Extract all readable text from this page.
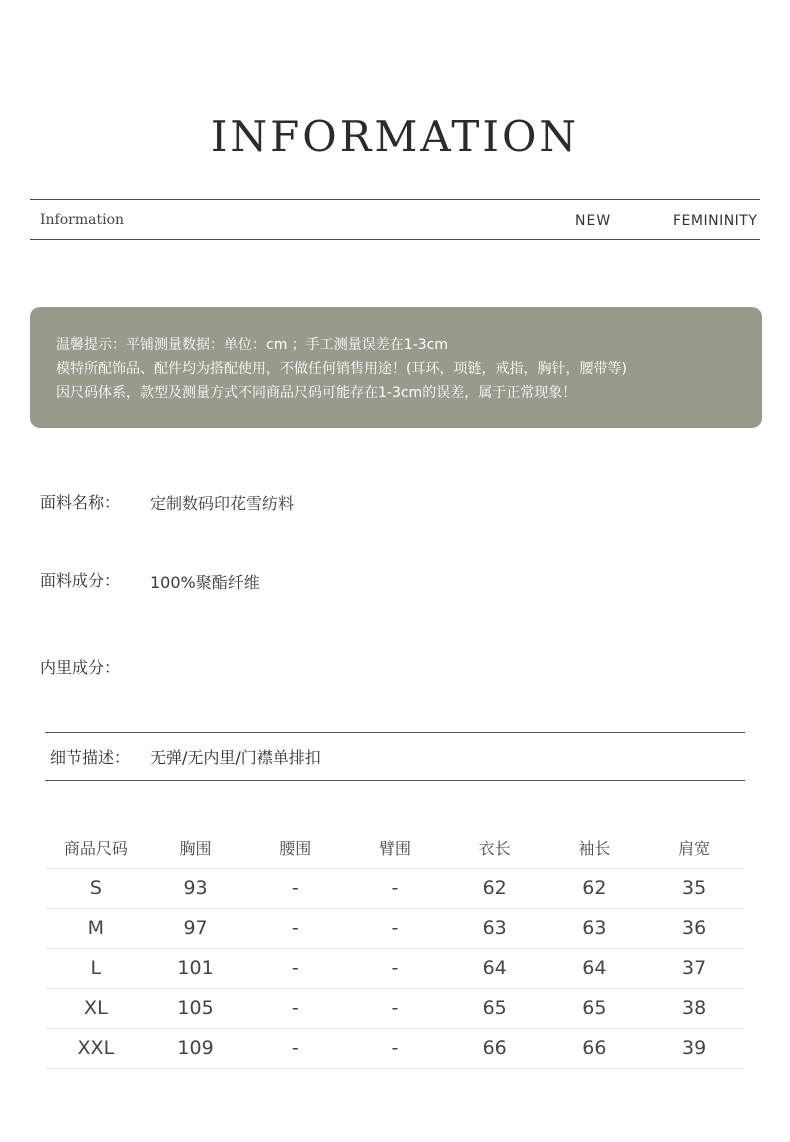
INFORMATION
Information	NEW	FEMININITY
温馨提示：平铺测量数据：单位：cm ；手工测量误差在1-3cm
模特所配饰品、配件均为搭配使用，不做任何销售用途！(耳环，项链，戒指，胸针，腰带等)
因尺码体系，款型及测量方式不同商品尺码可能存在1-3cm的误差，属于正常现象！
面料名称： 定制数码印花雪纺料
面料成分： 100%聚酯纤维
内里成分：
细节描述： 无弹/无内里/门襟单排扣
商品尺码	胸围	腰围	臂围	衣长	袖长	肩宽
S	93	-	-	62	62	35
M	97	-	-	63	63	36
L	101	-	-	64	64	37
XL	105	-	-	65	65	38
XXL	109	-	-	66	66	39
